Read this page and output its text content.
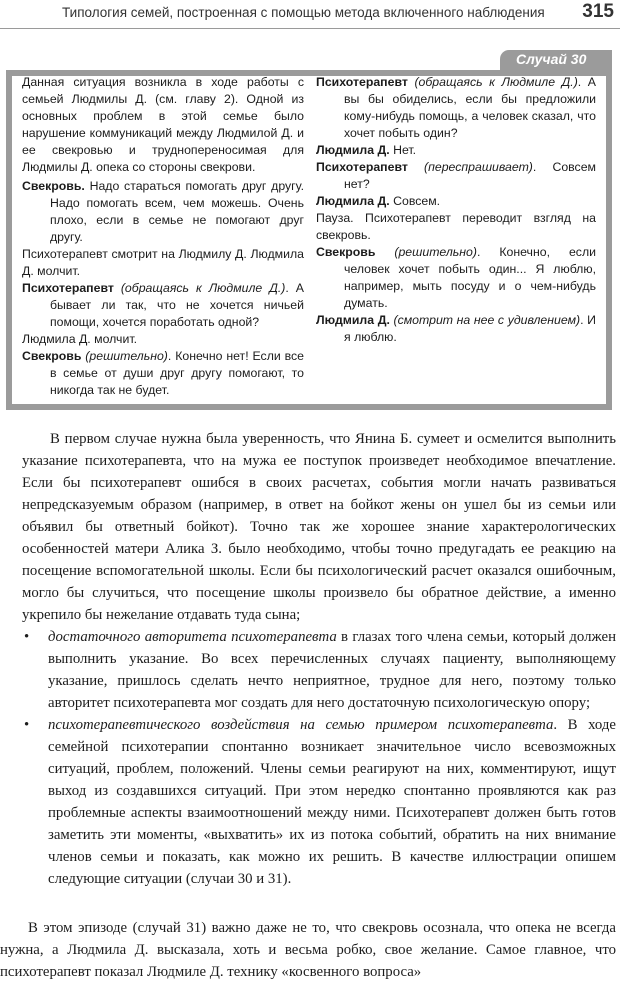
Типология семей, построенная с помощью метода включенного наблюдения	315
Случай 30

Данная ситуация возникла в ходе работы с семьей Людмилы Д. (см. главу 2). Одной из основных проблем в этой семье было нарушение коммуникаций между Людмилой Д. и ее свекровью и труднопереносимая для Людмилы Д. опека со стороны свекрови.

Свекровь. Надо стараться помогать друг другу. Надо помогать всем, чем можешь. Очень плохо, если в семье не помогают друг другу.

Психотерапевт смотрит на Людмилу Д. Людмила Д. молчит.

Психотерапевт (обращаясь к Людмиле Д.). А бывает ли так, что не хочется ничьей помощи, хочется поработать одной?

Людмила Д. молчит.

Свекровь (решительно). Конечно нет! Если все в семье от души друг другу помогают, то никогда так не будет.

Психотерапевт (обращаясь к Людмиле Д.). А вы бы обиделись, если бы предложили кому-нибудь помощь, а человек сказал, что хочет побыть один?

Людмила Д. Нет.

Психотерапевт (переспрашивает). Совсем нет?

Людмила Д. Совсем.

Пауза. Психотерапевт переводит взгляд на свекровь.

Свекровь (решительно). Конечно, если человек хочет побыть один... Я люблю, например, мыть посуду и о чем-нибудь думать.

Людмила Д. (смотрит на нее с удивлением). И я люблю.

В первом случае нужна была уверенность, что Янина Б. сумеет и осмелится выполнить указание психотерапевта, что на мужа ее поступок произведет необходимое впечатление. Если бы психотерапевт ошибся в своих расчетах, события могли начать развиваться непредсказуемым образом (например, в ответ на бойкот жены он ушел бы из семьи или объявил бы ответный бойкот). Точно так же хорошее знание характерологических особенностей матери Алика З. было необходимо, чтобы точно предугадать ее реакцию на посещение вспомогательной школы. Если бы психологический расчет оказался ошибочным, могло бы случиться, что посещение школы произвело бы обратное действие, а именно укрепило бы нежелание отдавать туда сына;

• достаточного авторитета психотерапевта в глазах того члена семьи, который должен выполнить указание. Во всех перечисленных случаях пациенту, выполняющему указание, пришлось сделать нечто неприятное, трудное для него, поэтому только авторитет психотерапевта мог создать для него достаточную психологическую опору;

• психотерапевтического воздействия на семью примером психотерапевта. В ходе семейной психотерапии спонтанно возникает значительное число всевозможных ситуаций, проблем, положений. Члены семьи реагируют на них, комментируют, ищут выход из создавшихся ситуаций. При этом нередко спонтанно проявляются как раз проблемные аспекты взаимоотношений между ними. Психотерапевт должен быть готов заметить эти моменты, «выхватить» их из потока событий, обратить на них внимание членов семьи и показать, как можно их решить. В качестве иллюстрации опишем следующие ситуации (случаи 30 и 31).

В этом эпизоде (случай 31) важно даже не то, что свекровь осознала, что опека не всегда нужна, а Людмила Д. высказала, хоть и весьма робко, свое желание. Самое главное, что психотерапевт показал Людмиле Д. технику «косвенного вопроса»
